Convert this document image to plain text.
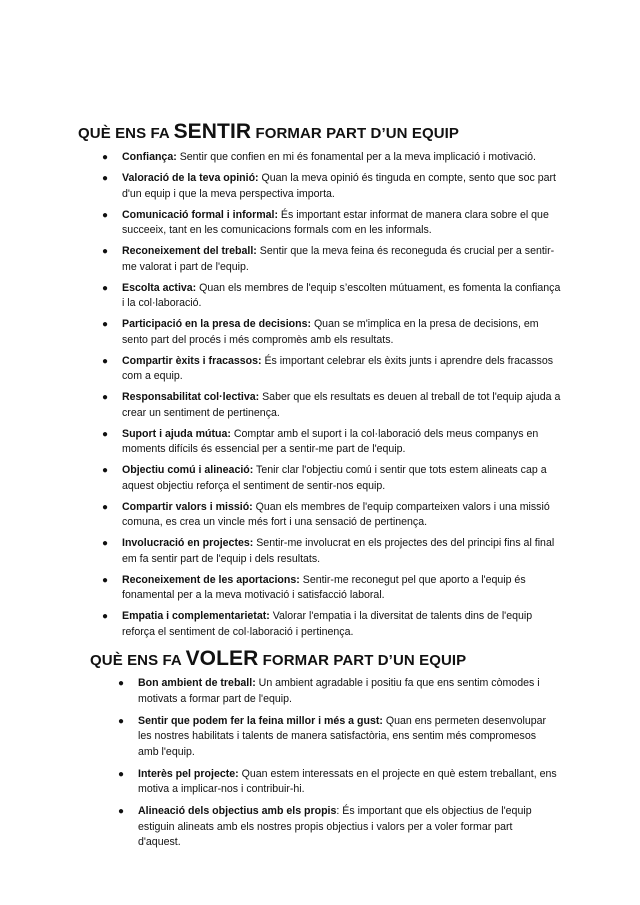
QUÈ ENS FA SENTIR FORMAR PART D’UN EQUIP
● Confiança: Sentir que confien en mi és fonamental per a la meva implicació i motivació.
● Valoració de la teva opinió: Quan la meva opinió és tinguda en compte, sento que soc part d'un equip i que la meva perspectiva importa.
● Comunicació formal i informal: És important estar informat de manera clara sobre el que succeeix, tant en les comunicacions formals com en les informals.
● Reconeixement del treball: Sentir que la meva feina és reconeguda és crucial per a sentir-me valorat i part de l'equip.
● Escolta activa: Quan els membres de l'equip s’escolten mútuament, es fomenta la confiança i la col·laboració.
● Participació en la presa de decisions: Quan se m'implica en la presa de decisions, em sento part del procés i més compromès amb els resultats.
● Compartir èxits i fracassos: És important celebrar els èxits junts i aprendre dels fracassos com a equip.
● Responsabilitat col·lectiva: Saber que els resultats es deuen al treball de tot l'equip ajuda a crear un sentiment de pertinença.
● Suport i ajuda mútua: Comptar amb el suport i la col·laboració dels meus companys en moments difícils és essencial per a sentir-me part de l'equip.
● Objectiu comú i alineació: Tenir clar l'objectiu comú i sentir que tots estem alineats cap a aquest objectiu reforça el sentiment de sentir-nos equip.
● Compartir valors i missió: Quan els membres de l'equip comparteixen valors i una missió comuna, es crea un vincle més fort i una sensació de pertinença.
● Involucració en projectes: Sentir-me involucrat en els projectes des del principi fins al final em fa sentir part de l'equip i dels resultats.
● Reconeixement de les aportacions: Sentir-me reconegut pel que aporto a l'equip és fonamental per a la meva motivació i satisfacció laboral.
● Empatia i complementarietat: Valorar l'empatia i la diversitat de talents dins de l'equip reforça el sentiment de col·laboració i pertinença.
QUÈ ENS FA VOLER FORMAR PART D’UN EQUIP
● Bon ambient de treball: Un ambient agradable i positiu fa que ens sentim còmodes i motivats a formar part de l'equip.
● Sentir que podem fer la feina millor i més a gust: Quan ens permeten desenvolupar les nostres habilitats i talents de manera satisfactòria, ens sentim més compromesos amb l'equip.
● Interès pel projecte: Quan estem interessats en el projecte en què estem treballant, ens motiva a implicar-nos i contribuir-hi.
● Alineació dels objectius amb els propis: És important que els objectius de l'equip estiguin alineats amb els nostres propis objectius i valors per a voler formar part d'aquest.
